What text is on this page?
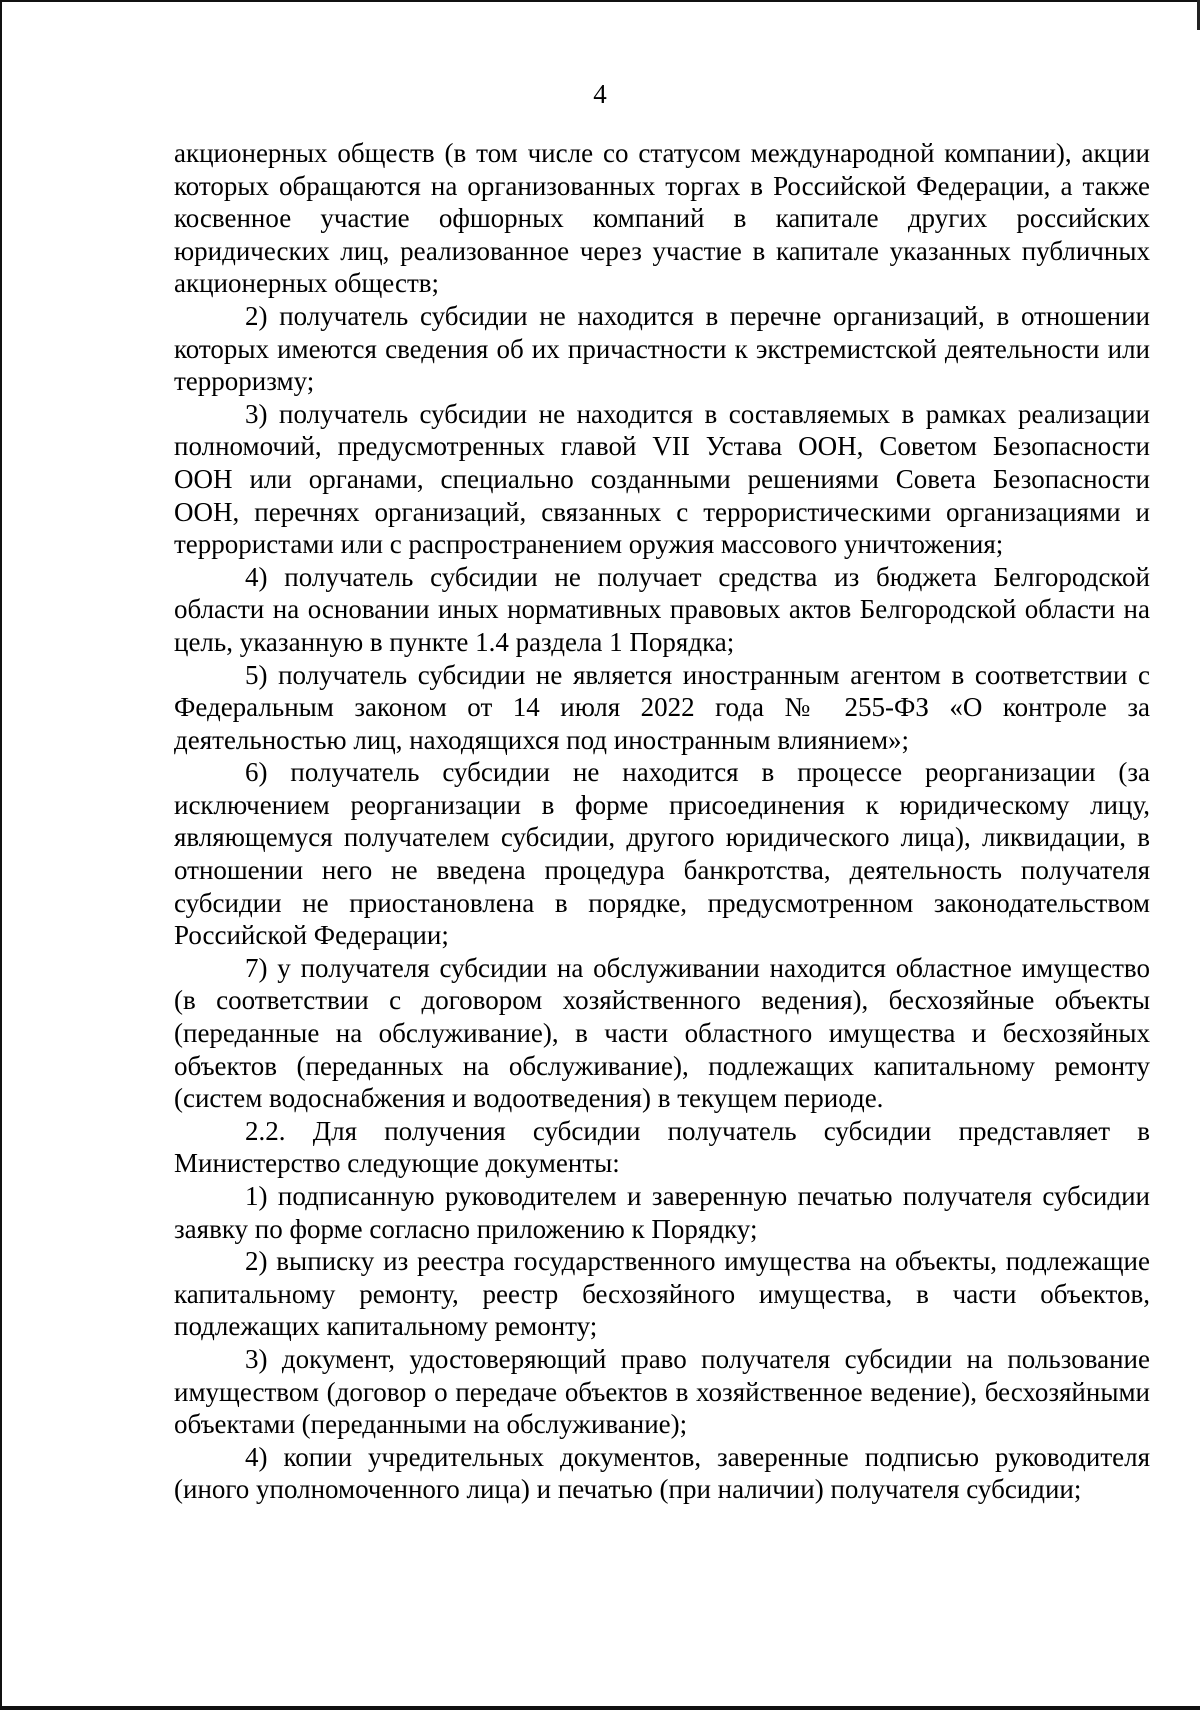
4

акционерных обществ (в том числе со статусом международной компании), акции которых обращаются на организованных торгах в Российской Федерации, а также косвенное участие офшорных компаний в капитале других российских юридических лиц, реализованное через участие в капитале указанных публичных акционерных обществ;

2) получатель субсидии не находится в перечне организаций, в отношении которых имеются сведения об их причастности к экстремистской деятельности или терроризму;

3) получатель субсидии не находится в составляемых в рамках реализации полномочий, предусмотренных главой VII Устава ООН, Советом Безопасности ООН или органами, специально созданными решениями Совета Безопасности ООН, перечнях организаций, связанных с террористическими организациями и террористами или с распространением оружия массового уничтожения;

4) получатель субсидии не получает средства из бюджета Белгородской области на основании иных нормативных правовых актов Белгородской области на цель, указанную в пункте 1.4 раздела 1 Порядка;

5) получатель субсидии не является иностранным агентом в соответствии с Федеральным законом от 14 июля 2022 года № 255-ФЗ «О контроле за деятельностью лиц, находящихся под иностранным влиянием»;

6) получатель субсидии не находится в процессе реорганизации (за исключением реорганизации в форме присоединения к юридическому лицу, являющемуся получателем субсидии, другого юридического лица), ликвидации, в отношении него не введена процедура банкротства, деятельность получателя субсидии не приостановлена в порядке, предусмотренном законодательством Российской Федерации;

7) у получателя субсидии на обслуживании находится областное имущество (в соответствии с договором хозяйственного ведения), бесхозяйные объекты (переданные на обслуживание), в части областного имущества и бесхозяйных объектов (переданных на обслуживание), подлежащих капитальному ремонту (систем водоснабжения и водоотведения) в текущем периоде.

2.2. Для получения субсидии получатель субсидии представляет в Министерство следующие документы:

1) подписанную руководителем и заверенную печатью получателя субсидии заявку по форме согласно приложению к Порядку;

2) выписку из реестра государственного имущества на объекты, подлежащие капитальному ремонту, реестр бесхозяйного имущества, в части объектов, подлежащих капитальному ремонту;

3) документ, удостоверяющий право получателя субсидии на пользование имуществом (договор о передаче объектов в хозяйственное ведение), бесхозяйными объектами (переданными на обслуживание);

4) копии учредительных документов, заверенные подписью руководителя (иного уполномоченного лица) и печатью (при наличии) получателя субсидии;
